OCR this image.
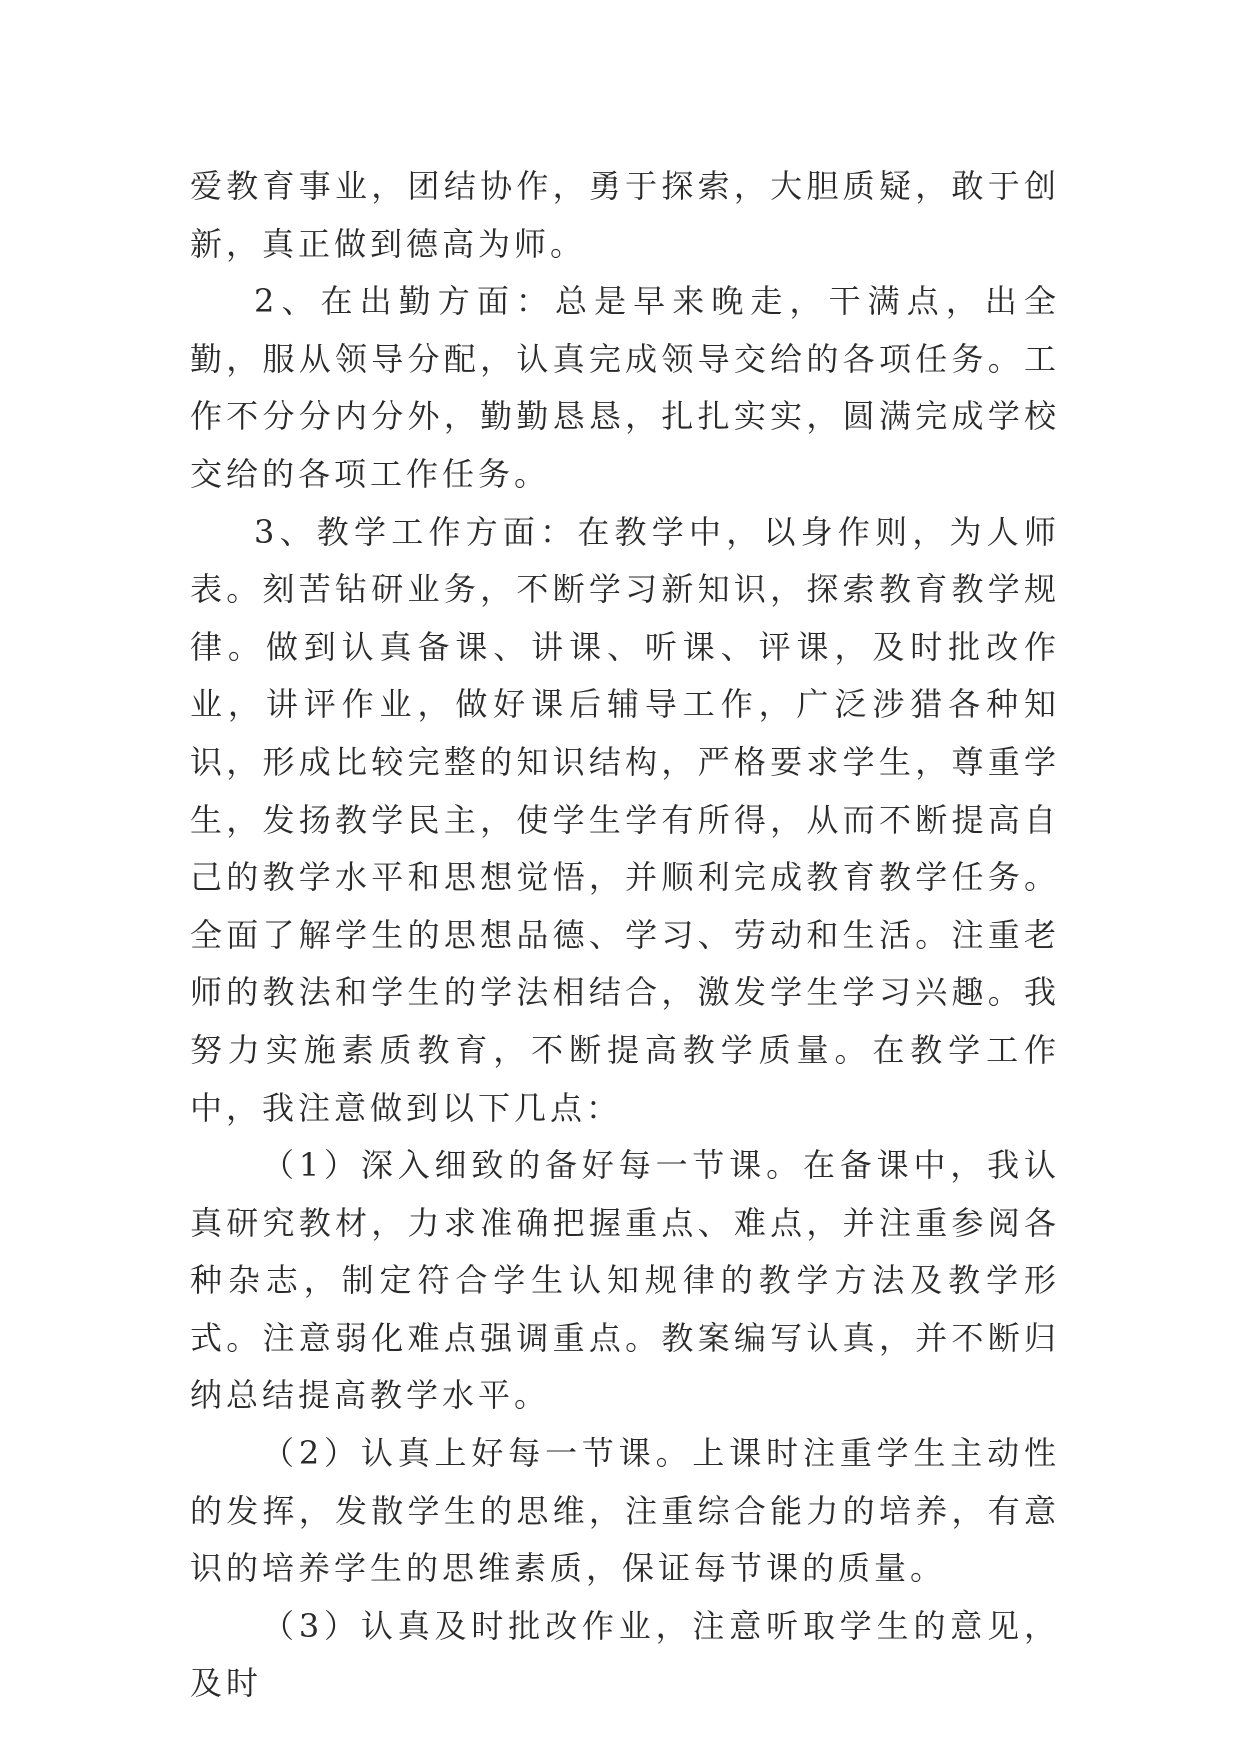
爱教育事业，团结协作，勇于探索，大胆质疑，敢于创新，真正做到德高为师。

2、在出勤方面：总是早来晚走，干满点，出全勤，服从领导分配，认真完成领导交给的各项任务。工作不分分内分外，勤勤恳恳，扎扎实实，圆满完成学校交给的各项工作任务。

3、教学工作方面：在教学中，以身作则，为人师表。刻苦钻研业务，不断学习新知识，探索教育教学规律。做到认真备课、讲课、听课、评课，及时批改作业，讲评作业，做好课后辅导工作，广泛涉猎各种知识，形成比较完整的知识结构，严格要求学生，尊重学生，发扬教学民主，使学生学有所得，从而不断提高自己的教学水平和思想觉悟，并顺利完成教育教学任务。全面了解学生的思想品德、学习、劳动和生活。注重老师的教法和学生的学法相结合，激发学生学习兴趣。我努力实施素质教育，不断提高教学质量。在教学工作中，我注意做到以下几点：

（1）深入细致的备好每一节课。在备课中，我认真研究教材，力求准确把握重点、难点，并注重参阅各种杂志，制定符合学生认知规律的教学方法及教学形式。注意弱化难点强调重点。教案编写认真，并不断归纳总结提高教学水平。

（2）认真上好每一节课。上课时注重学生主动性的发挥，发散学生的思维，注重综合能力的培养，有意识的培养学生的思维素质，保证每节课的质量。

（3）认真及时批改作业，注意听取学生的意见，及时
